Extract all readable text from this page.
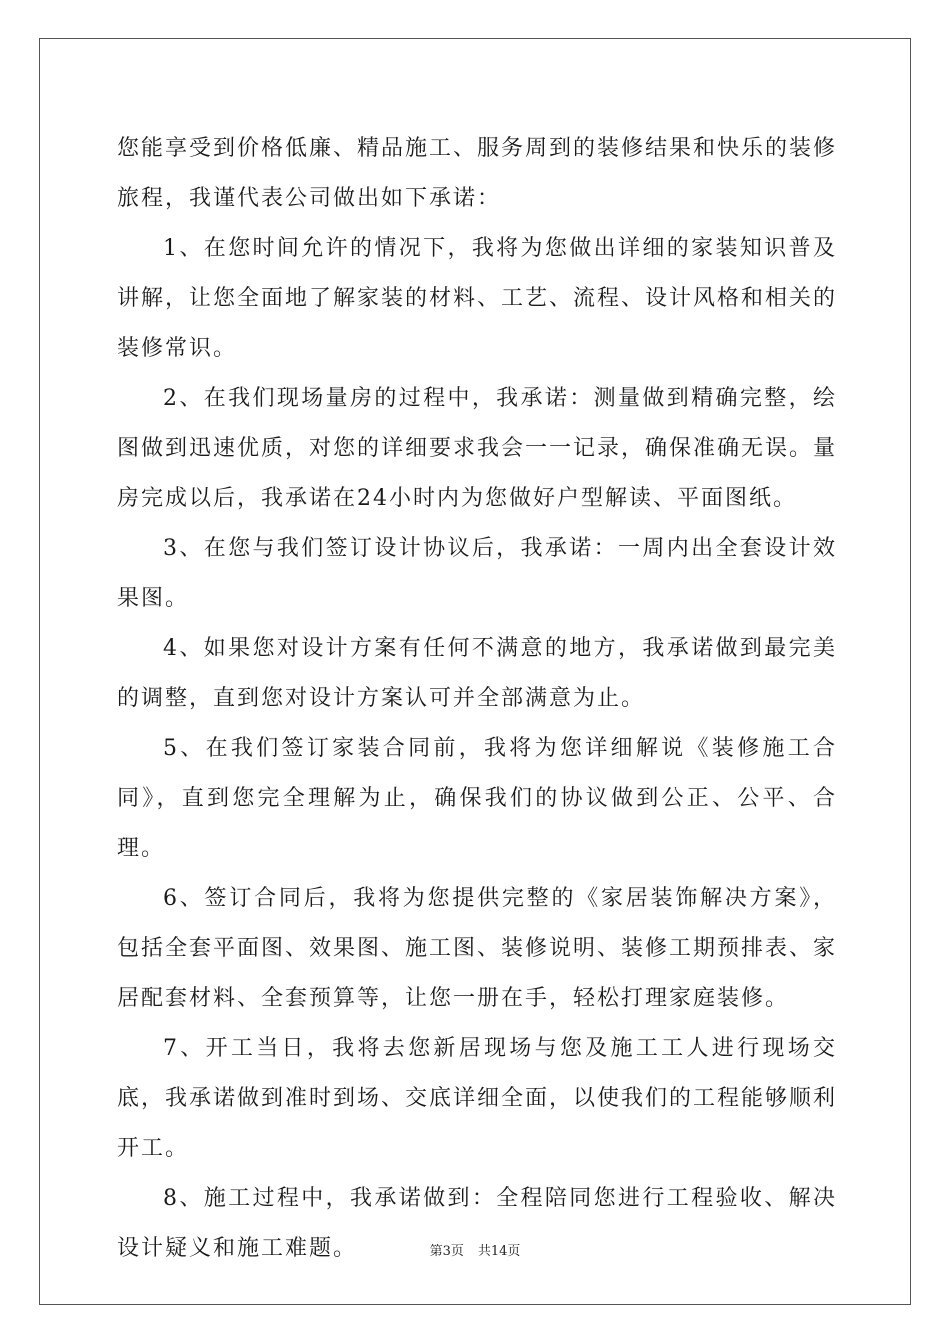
您能享受到价格低廉、精品施工、服务周到的装修结果和快乐的装修旅程，我谨代表公司做出如下承诺：

1、在您时间允许的情况下，我将为您做出详细的家装知识普及讲解，让您全面地了解家装的材料、工艺、流程、设计风格和相关的装修常识。

2、在我们现场量房的过程中，我承诺：测量做到精确完整，绘图做到迅速优质，对您的详细要求我会一一记录，确保准确无误。量房完成以后，我承诺在24小时内为您做好户型解读、平面图纸。

3、在您与我们签订设计协议后，我承诺：一周内出全套设计效果图。

4、如果您对设计方案有任何不满意的地方，我承诺做到最完美的调整，直到您对设计方案认可并全部满意为止。

5、在我们签订家装合同前，我将为您详细解说《装修施工合同》，直到您完全理解为止，确保我们的协议做到公正、公平、合理。

6、签订合同后，我将为您提供完整的《家居装饰解决方案》，包括全套平面图、效果图、施工图、装修说明、装修工期预排表、家居配套材料、全套预算等，让您一册在手，轻松打理家庭装修。

7、开工当日，我将去您新居现场与您及施工工人进行现场交底，我承诺做到准时到场、交底详细全面，以使我们的工程能够顺利开工。

8、施工过程中，我承诺做到：全程陪同您进行工程验收、解决设计疑义和施工难题。	第3页 共14页
